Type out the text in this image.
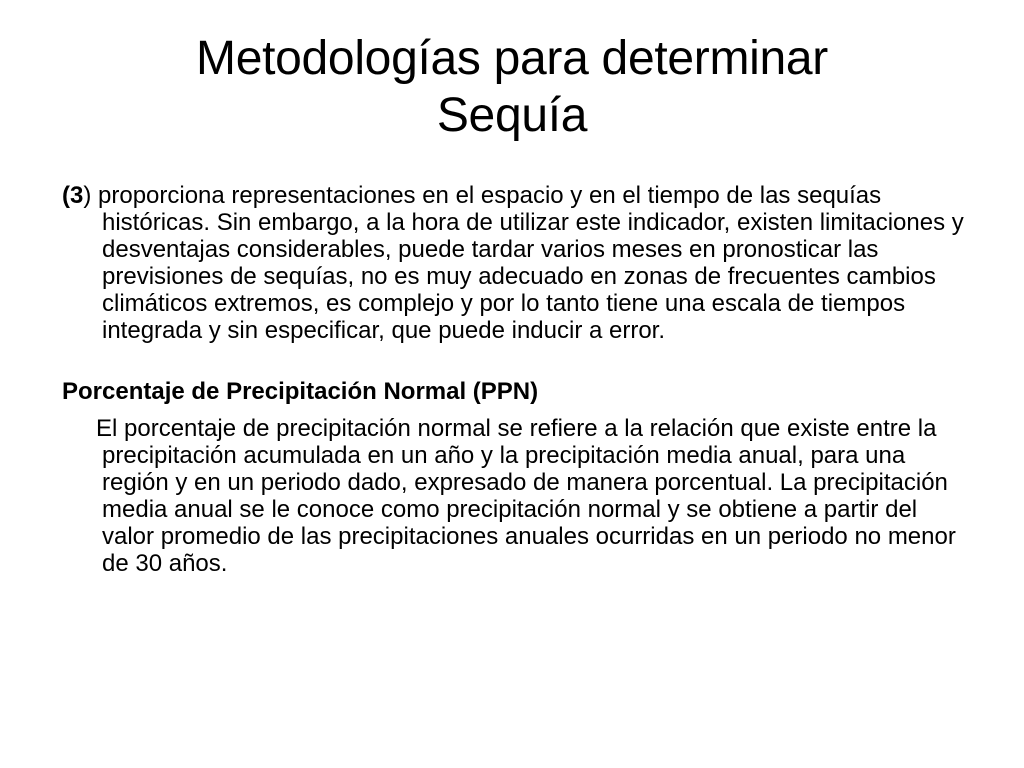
Metodologías para determinar
Sequía

(3) proporciona representaciones en el espacio y en el tiempo de las sequías históricas. Sin embargo, a la hora de utilizar este indicador, existen limitaciones y desventajas considerables, puede tardar varios meses en pronosticar las previsiones de sequías, no es muy adecuado en zonas de frecuentes cambios climáticos extremos, es complejo y por lo tanto tiene una escala de tiempos integrada y sin especificar, que puede inducir a error.

Porcentaje de Precipitación Normal (PPN)

El porcentaje de precipitación normal se refiere a la relación que existe entre la precipitación acumulada en un año y la precipitación media anual, para una región y en un periodo dado, expresado de manera porcentual. La precipitación media anual se le conoce como precipitación normal y se obtiene a partir del valor promedio de las precipitaciones anuales ocurridas en un periodo no menor de 30 años.
